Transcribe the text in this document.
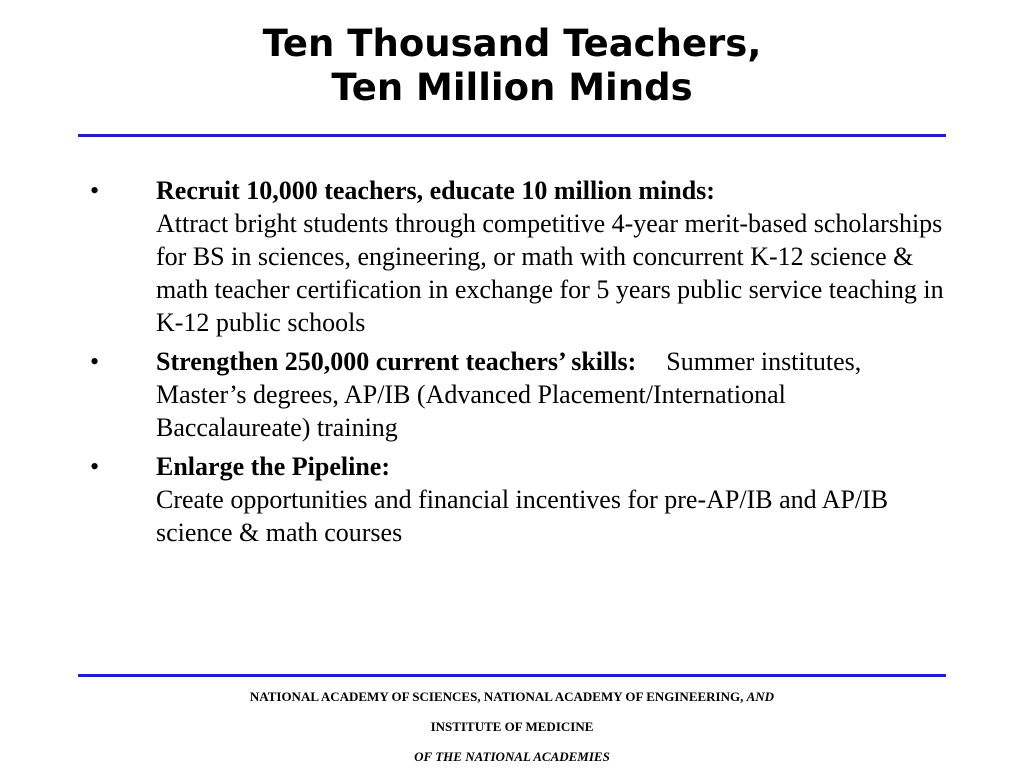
Ten Thousand Teachers,
Ten Million Minds
• Recruit 10,000 teachers, educate 10 million minds:
Attract bright students through competitive 4-year merit-based scholarships for BS in sciences, engineering, or math with concurrent K-12 science & math teacher certification in exchange for 5 years public service teaching in K-12 public schools
• Strengthen 250,000 current teachers’ skills: Summer institutes, Master’s degrees, AP/IB (Advanced Placement/International Baccalaureate) training
• Enlarge the Pipeline:
Create opportunities and financial incentives for pre-AP/IB and AP/IB science & math courses
NATIONAL ACADEMY OF SCIENCES, NATIONAL ACADEMY OF ENGINEERING, AND
INSTITUTE OF MEDICINE
OF THE NATIONAL ACADEMIES
